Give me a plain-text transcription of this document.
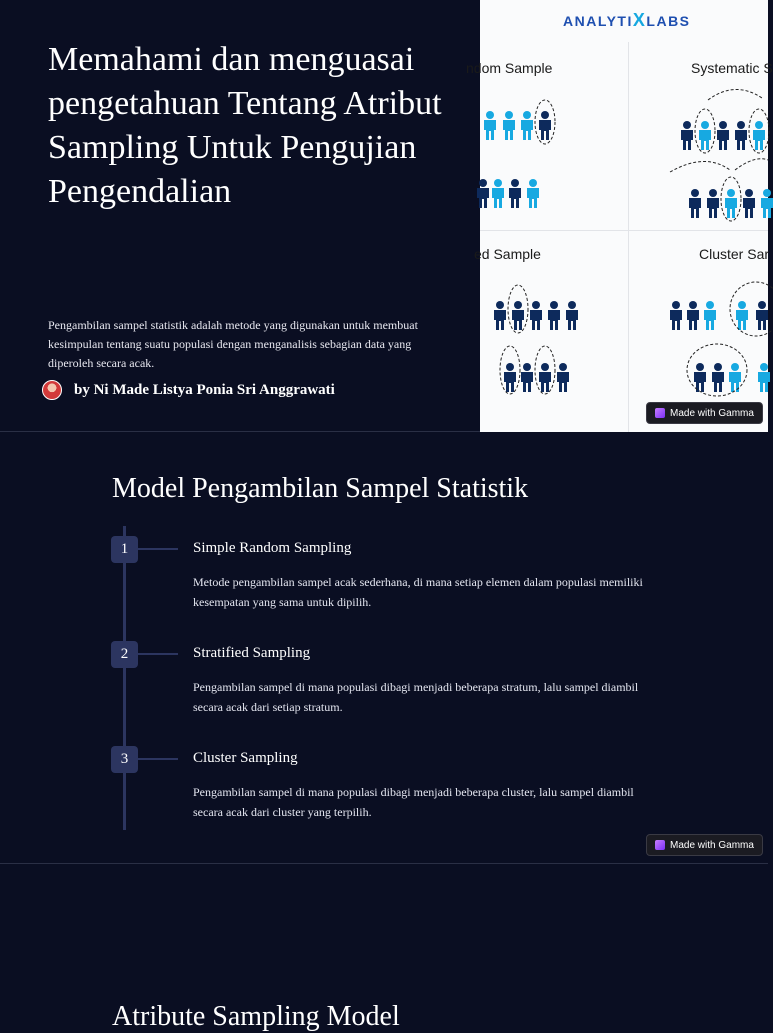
Memahami dan menguasai pengetahuan Tentang Atribut Sampling Untuk Pengujian Pengendalian

Pengambilan sampel statistik adalah metode yang digunakan untuk membuat kesimpulan tentang suatu populasi dengan menganalisis sebagian data yang diperoleh secara acak.

by Ni Made Listya Ponia Sri Anggrawati
ANALYTIXLABS
ndom Sample	Systematic S
ed Sample	Cluster Sar
Made with Gamma
Model Pengambilan Sampel Statistik
1	Simple Random Sampling
Metode pengambilan sampel acak sederhana, di mana setiap elemen dalam populasi memiliki kesempatan yang sama untuk dipilih.
2	Stratified Sampling
Pengambilan sampel di mana populasi dibagi menjadi beberapa stratum, lalu sampel diambil secara acak dari setiap stratum.
3	Cluster Sampling
Pengambilan sampel di mana populasi dibagi menjadi beberapa cluster, lalu sampel diambil secara acak dari cluster yang terpilih.
Made with Gamma
Atribute Sampling Model
